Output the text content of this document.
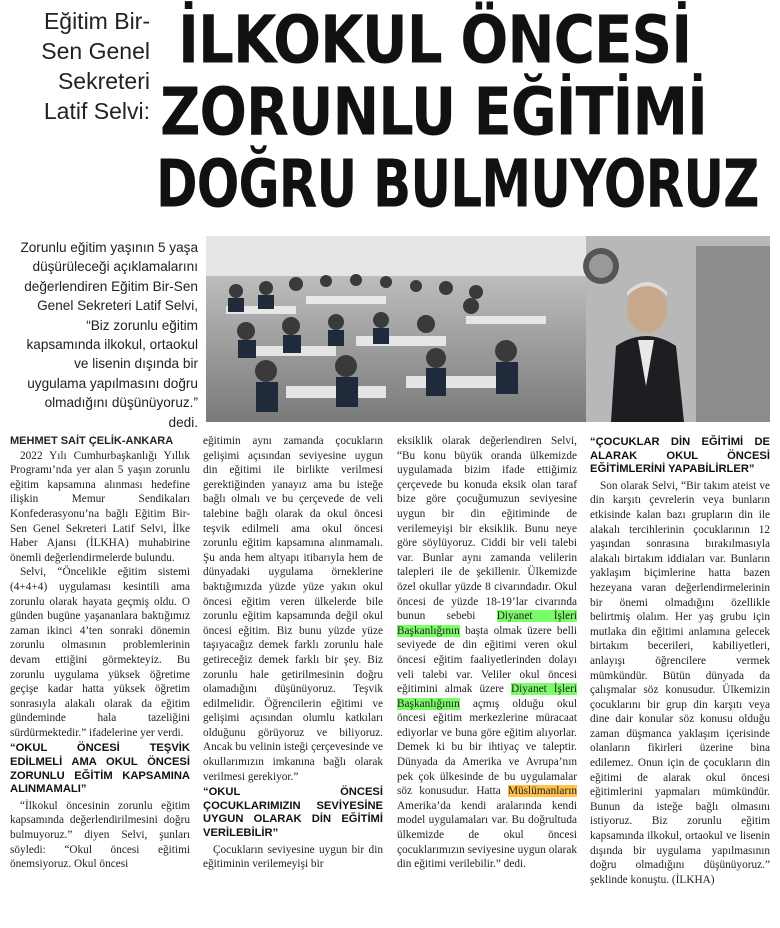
Eğitim Bir-
Sen Genel
Sekreteri
Latif Selvi:
İLKOKUL ÖNCESİ
ZORUNLU EĞİTİMİ
DOĞRU BULMUYORUZ
Zorunlu eğitim yaşının 5 yaşa düşürüleceği açıklamalarını değerlendiren Eğitim Bir-Sen Genel Sekreteri Latif Selvi, “Biz zorunlu eğitim kapsamında ilkokul, ortaokul ve lisenin dışında bir uygulama yapılmasını doğru olmadığını düşünüyoruz.” dedi.

MEHMET SAİT ÇELİK-ANKARA

2022 Yılı Cumhurbaşkanlığı Yıllık Programı’nda yer alan 5 yaşın zorunlu eğitim kapsamına alınması hedefine ilişkin Memur Sendikaları Konfederasyonu’na bağlı Eğitim Bir-Sen Genel Sekreteri Latif Selvi, İlke Haber Ajansı (İLKHA) muhabirine önemli değerlendirmelerde bulundu.

Selvi, “Öncelikle eğitim sistemi (4+4+4) uygulaması kesintili ama zorunlu olarak hayata geçmiş oldu. O günden bugüne yaşananlara baktığımız zaman ikinci 4’ten sonraki dönemin zorunlu olmasının problemlerinin devam ettiğini görmekteyiz. Bu zorunlu uygulama yüksek öğretime geçişe kadar hatta yüksek öğretim sonrasıyla alakalı olarak da eğitim gündeminde hala tazeliğini sürdürmektedir.” ifadelerine yer verdi.

“OKUL ÖNCESİ TEŞVİK EDİLMELİ AMA OKUL ÖNCESİ ZORUNLU EĞİTİM KAPSAMINA ALINMAMALI”

“İlkokul öncesinin zorunlu eğitim kapsamında değerlendirilmesini doğru bulmuyoruz.” diyen Selvi, şunları söyledi: “Okul öncesi eğitimi önemsiyoruz. Okul öncesi

eğitimin aynı zamanda çocukların gelişimi açısından seviyesine uygun din eğitimi ile birlikte verilmesi gerektiğinden yanayız ama bu isteğe bağlı olmalı ve bu çerçevede de veli talebine bağlı olarak da okul öncesi teşvik edilmeli ama okul öncesi zorunlu eğitim kapsamına alınmamalı. Şu anda hem altyapı itibarıyla hem de dünyadaki uygulama örneklerine baktığımızda yüzde yüze yakın okul öncesi eğitim veren ülkelerde bile zorunlu eğitim kapsamında değil okul öncesi eğitim. Biz bunu yüzde yüze taşıyacağız demek farklı zorunlu hale getireceğiz demek farklı bir şey. Biz zorunlu hale getirilmesinin doğru olamadığını düşünüyoruz. Teşvik edilmelidir. Öğrencilerin eğitimi ve gelişimi açısından olumlu katkıları olduğunu görüyoruz ve biliyoruz. Ancak bu velinin isteği çerçevesinde ve okullarımızın imkanına bağlı olarak verilmesi gerekiyor.”

“OKUL ÖNCESİ ÇOCUKLARIMIZIN SEVİYESİNE UYGUN OLARAK DİN EĞİTİMİ VERİLEBİLİR”

Çocukların seviyesine uygun bir din eğitiminin verilemeyişi bir

eksiklik olarak değerlendiren Selvi, “Bu konu büyük oranda ülkemizde uygulamada bizim ifade ettiğimiz çerçevede bu konuda eksik olan taraf bize göre çocuğumuzun seviyesine uygun bir din eğitiminde de verilemeyişi bir eksiklik. Bunu neye göre söylüyoruz. Ciddi bir veli talebi var. Bunlar aynı zamanda velilerin talepleri ile de şekillenir. Ülkemizde özel okullar yüzde 8 civarındadır. Okul öncesi de yüzde 18-19’lar civarında bunun sebebi Diyanet İşleri Başkanlığının başta olmak üzere belli seviyede de din eğitimi veren okul öncesi eğitim faaliyetlerinden dolayı veli talebi var. Veliler okul öncesi eğitimini almak üzere Diyanet İşleri Başkanlığının açmış olduğu okul öncesi eğitim merkezlerine müracaat ediyorlar ve buna göre eğitim alıyorlar. Demek ki bu bir ihtiyaç ve taleptir. Dünyada da Amerika ve Avrupa’nın pek çok ülkesinde de bu uygulamalar söz konusudur. Hatta Müslümanların Amerika’da kendi aralarında kendi model uygulamaları var. Bu doğrultuda ülkemizde de okul öncesi çocuklarımızın seviyesine uygun olarak din eğitimi verilebilir.” dedi.

“ÇOCUKLAR DİN EĞİTİMİ DE ALARAK OKUL ÖNCESİ EĞİTİMLERİNİ YAPABİLİRLER”

Son olarak Selvi, “Bir takım ateist ve din karşıtı çevrelerin veya bunların etkisinde kalan bazı grupların din ile alakalı tercihlerinin çocuklarının 12 yaşından sonrasına bırakılmasıyla alakalı birtakım iddiaları var. Bunların yaklaşım biçimlerine hatta bazen hezeyana varan değerlendirmelerinin bir önemi olmadığını özellikle belirtmiş olalım. Her yaş grubu için mutlaka din eğitimi anlamına gelecek birtakım becerileri, kabiliyetleri, anlayışı öğrencilere vermek mümkündür. Bütün dünyada da çalışmalar söz konusudur. Ülkemizin çocuklarını bir grup din karşıtı veya dine dair konular söz konusu olduğu zaman düşmanca yaklaşım içerisinde olanların fikirleri üzerine bina edilemez. Onun için de çocukların din eğitimi de alarak okul öncesi eğitimlerini yapmaları mümkündür. Bunun da isteğe bağlı olmasını istiyoruz. Biz zorunlu eğitim kapsamında ilkokul, ortaokul ve lisenin dışında bir uygulama yapılmasının doğru olmadığını düşünüyoruz.” şeklinde konuştu. (İLKHA)
